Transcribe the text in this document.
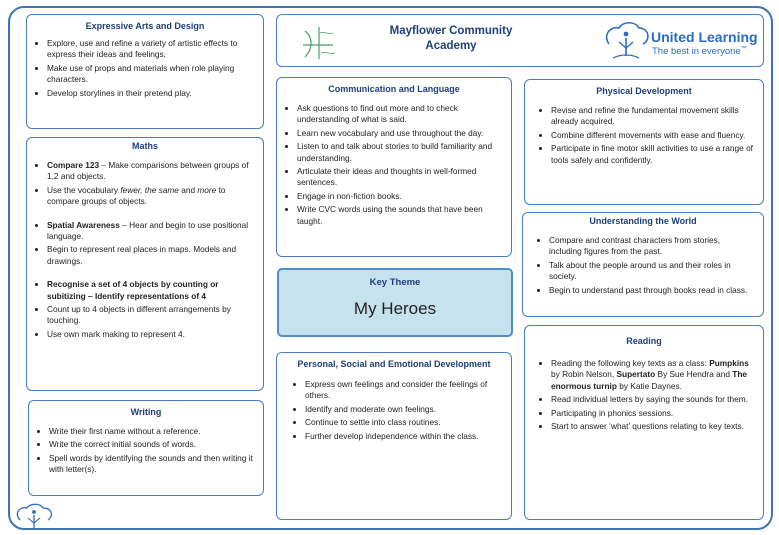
Mayflower Community
Academy
United Learning
The best in everyone™
Expressive Arts and Design
• Explore, use and refine a variety of artistic effects to express their ideas and feelings.
• Make use of props and materials when role playing characters.
• Develop storylines in their pretend play.
Maths
• Compare 123 – Make comparisons between groups of 1,2 and objects.
• Use the vocabulary fewer, the same and more to compare groups of objects.
• Spatial Awareness – Hear and begin to use positional language.
• Begin to represent real places in maps. Models and drawings.
• Recognise a set of 4 objects by counting or subitizing – Identify representations of 4
• Count up to 4 objects in different arrangements by touching.
• Use own mark making to represent 4.
Writing
• Write their first name without a reference.
• Write the correct initial sounds of words.
• Spell words by identifying the sounds and then writing it with letter(s).
Communication and Language
• Ask questions to find out more and to check understanding of what is said.
• Learn new vocabulary and use throughout the day.
• Listen to and talk about stories to build familiarity and understanding.
• Articulate their ideas and thoughts in well-formed sentences.
• Engage in non-fiction books.
• Write CVC words using the sounds that have been taught.
Key Theme
My Heroes
Personal, Social and Emotional Development
• Express own feelings and consider the feelings of others.
• Identify and moderate own feelings.
• Continue to settle into class routines.
• Further develop independence within the class.
Physical Development
• Revise and refine the fundamental movement skills already acquired.
• Combine different movements with ease and fluency.
• Participate in fine motor skill activities to use a range of tools safely and confidently.
Understanding the World
• Compare and contrast characters from stories, including figures from the past.
• Talk about the people around us and their roles in society.
• Begin to understand past through books read in class.
Reading
• Reading the following key texts as a class: Pumpkins by Robin Nelson, Supertato By Sue Hendra and The enormous turnip by Katie Daynes.
• Read individual letters by saying the sounds for them.
• Participating in phonics sessions.
• Start to answer ‘what’ questions relating to key texts.
